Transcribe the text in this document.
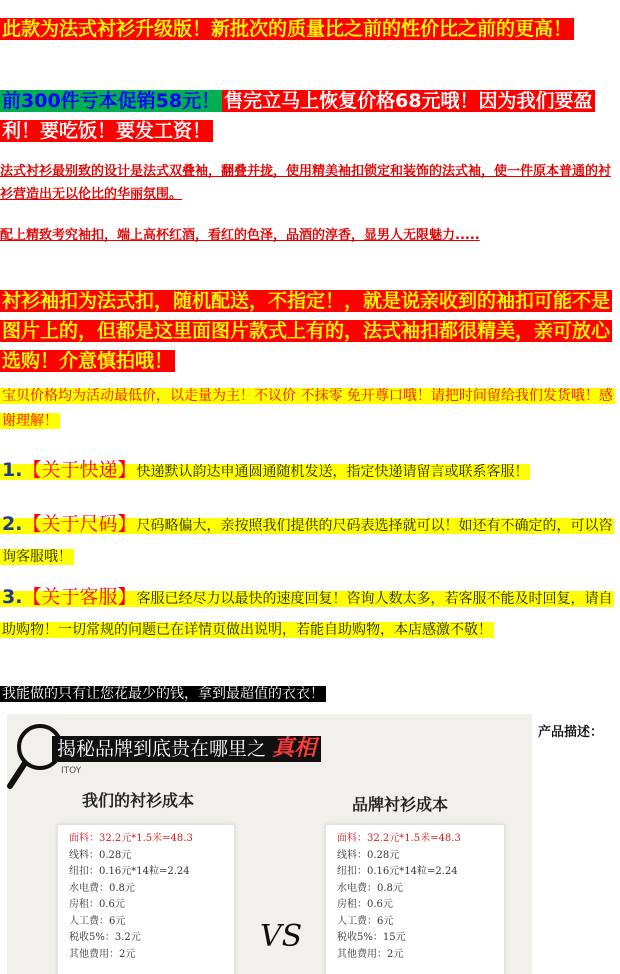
此款为法式衬衫升级版！新批次的质量比之前的性价比之前的更高！
前300件亏本促销58元！ 售完立马上恢复价格68元哦！因为我们要盈利！要吃饭！要发工资！
法式衬衫最别致的设计是法式双叠袖，翻叠并拢，使用精美袖扣锁定和装饰的法式袖，使一件原本普通的衬衫营造出无以伦比的华丽氛围。
配上精致考究袖扣，端上高杯红酒，看红的色泽，品酒的淳香，显男人无限魅力.....
衬衫袖扣为法式扣，随机配送，不指定！，就是说亲收到的袖扣可能不是图片上的，但都是这里面图片款式上有的，法式袖扣都很精美，亲可放心选购！介意慎拍哦！
宝贝价格均为活动最低价，以走量为主！不议价 不抹零 免开尊口哦！请把时间留给我们发货哦！感谢理解！
1.【关于快递】快递默认韵达申通圆通随机发送，指定快递请留言或联系客服！
2.【关于尺码】尺码略偏大，亲按照我们提供的尺码表选择就可以！如还有不确定的，可以咨询客服哦！
3.【关于客服】客服已经尽力以最快的速度回复！咨询人数太多，若客服不能及时回复，请自助购物！一切常规的问题已在详情页做出说明，若能自助购物，本店感激不敬！
我能做的只有让您花最少的钱，拿到最超值的衣衣！
产品描述：
揭秘品牌到底贵在哪里之 真相
ITOY
我们的衬衫成本	品牌衬衫成本
面料：32.2元*1.5米=48.3
线料：0.28元
纽扣：0.16元*14粒=2.24
水电费：0.8元
房租：0.6元
人工费：6元
税收5%：3.2元
其他费用：2元	VS
面料：32.2元*1.5米=48.3
线料：0.28元
纽扣：0.16元*14粒=2.24
水电费：0.8元
房租：0.6元
人工费：6元
税收5%：15元
其他费用：2元
